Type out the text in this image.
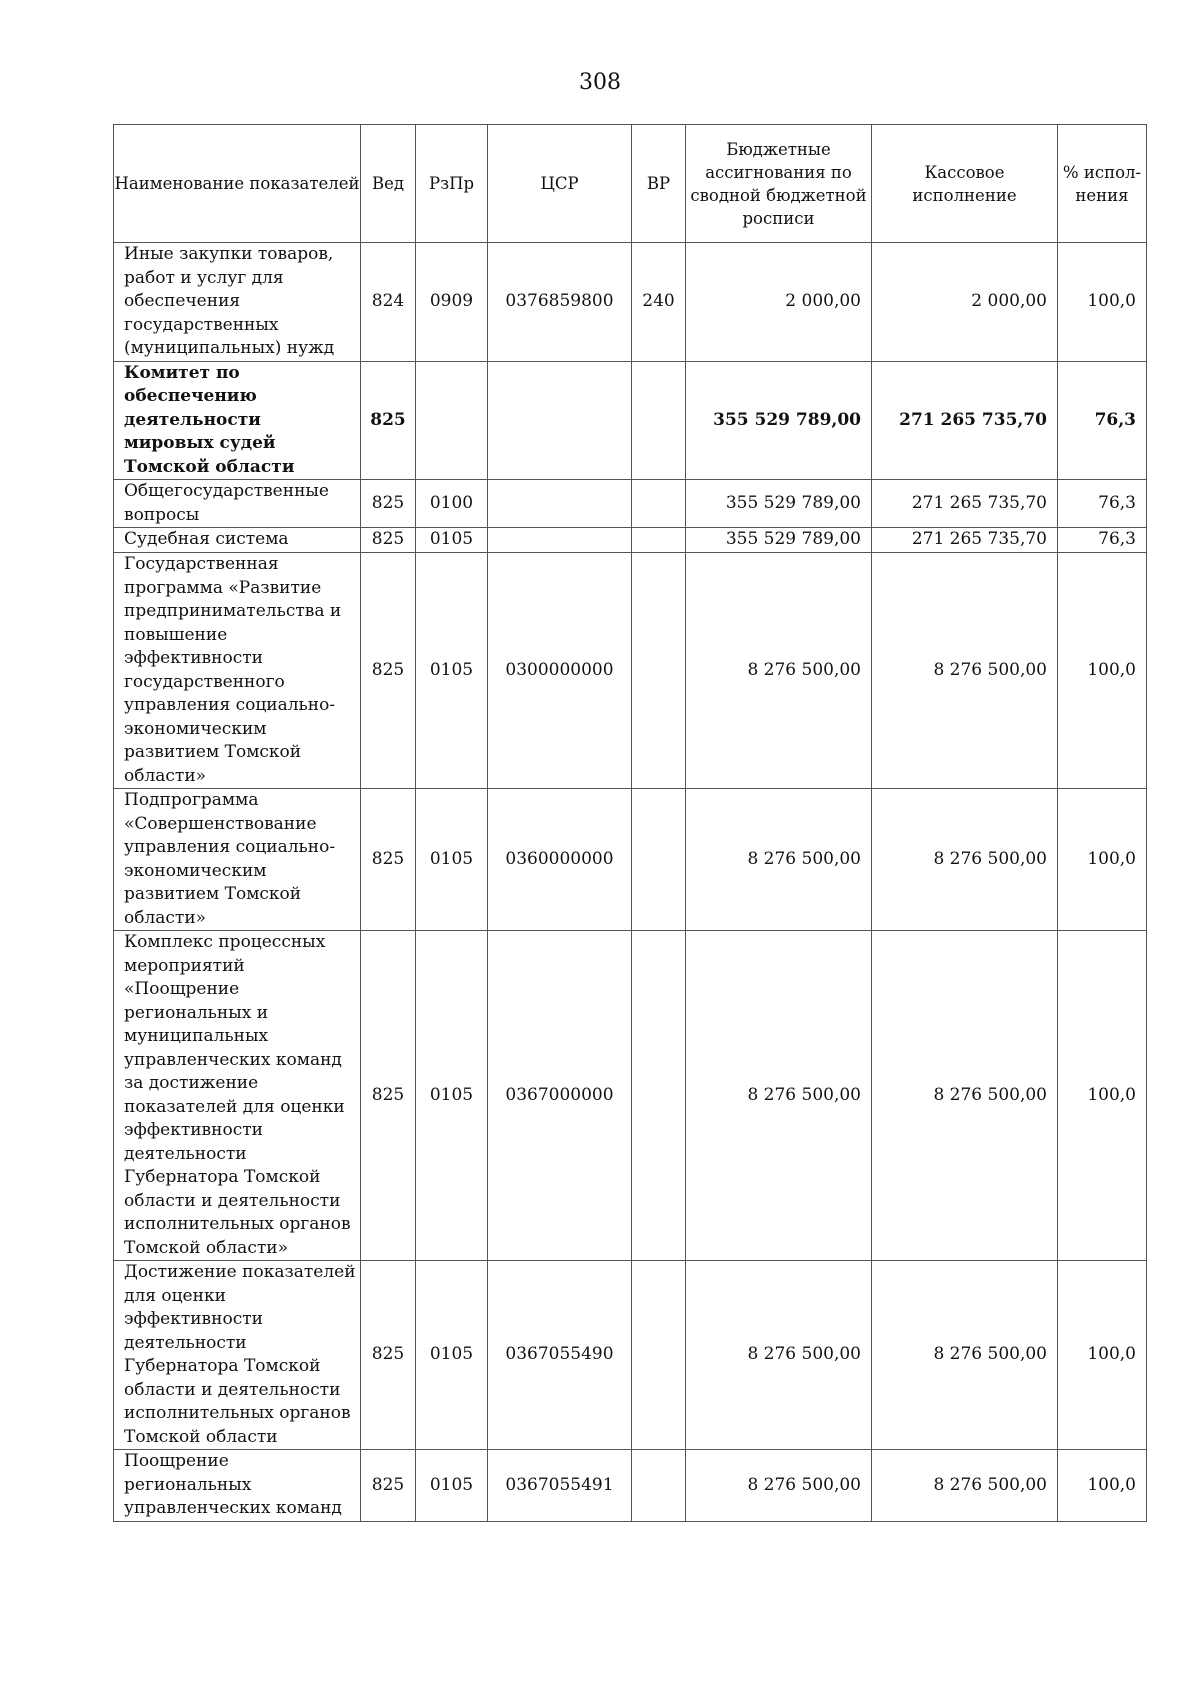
308
Наименование показателей	Вед	РзПр	ЦСР	ВР	Бюджетные ассигнования по сводной бюджетной росписи	Кассовое исполнение	% испол-нения
Иные закупки товаров, работ и услуг для обеспечения государственных (муниципальных) нужд	824	0909	0376859800	240	2 000,00	2 000,00	100,0
Комитет по обеспечению деятельности мировых судей Томской области	825				355 529 789,00	271 265 735,70	76,3
Общегосударственные вопросы	825	0100			355 529 789,00	271 265 735,70	76,3
Судебная система	825	0105			355 529 789,00	271 265 735,70	76,3
Государственная программа «Развитие предпринимательства и повышение эффективности государственного управления социально-экономическим развитием Томской области»	825	0105	0300000000		8 276 500,00	8 276 500,00	100,0
Подпрограмма «Совершенствование управления социально-экономическим развитием Томской области»	825	0105	0360000000		8 276 500,00	8 276 500,00	100,0
Комплекс процессных мероприятий «Поощрение региональных и муниципальных управленческих команд за достижение показателей для оценки эффективности деятельности Губернатора Томской области и деятельности исполнительных органов Томской области»	825	0105	0367000000		8 276 500,00	8 276 500,00	100,0
Достижение показателей для оценки эффективности деятельности Губернатора Томской области и деятельности исполнительных органов Томской области	825	0105	0367055490		8 276 500,00	8 276 500,00	100,0
Поощрение региональных управленческих команд	825	0105	0367055491		8 276 500,00	8 276 500,00	100,0
